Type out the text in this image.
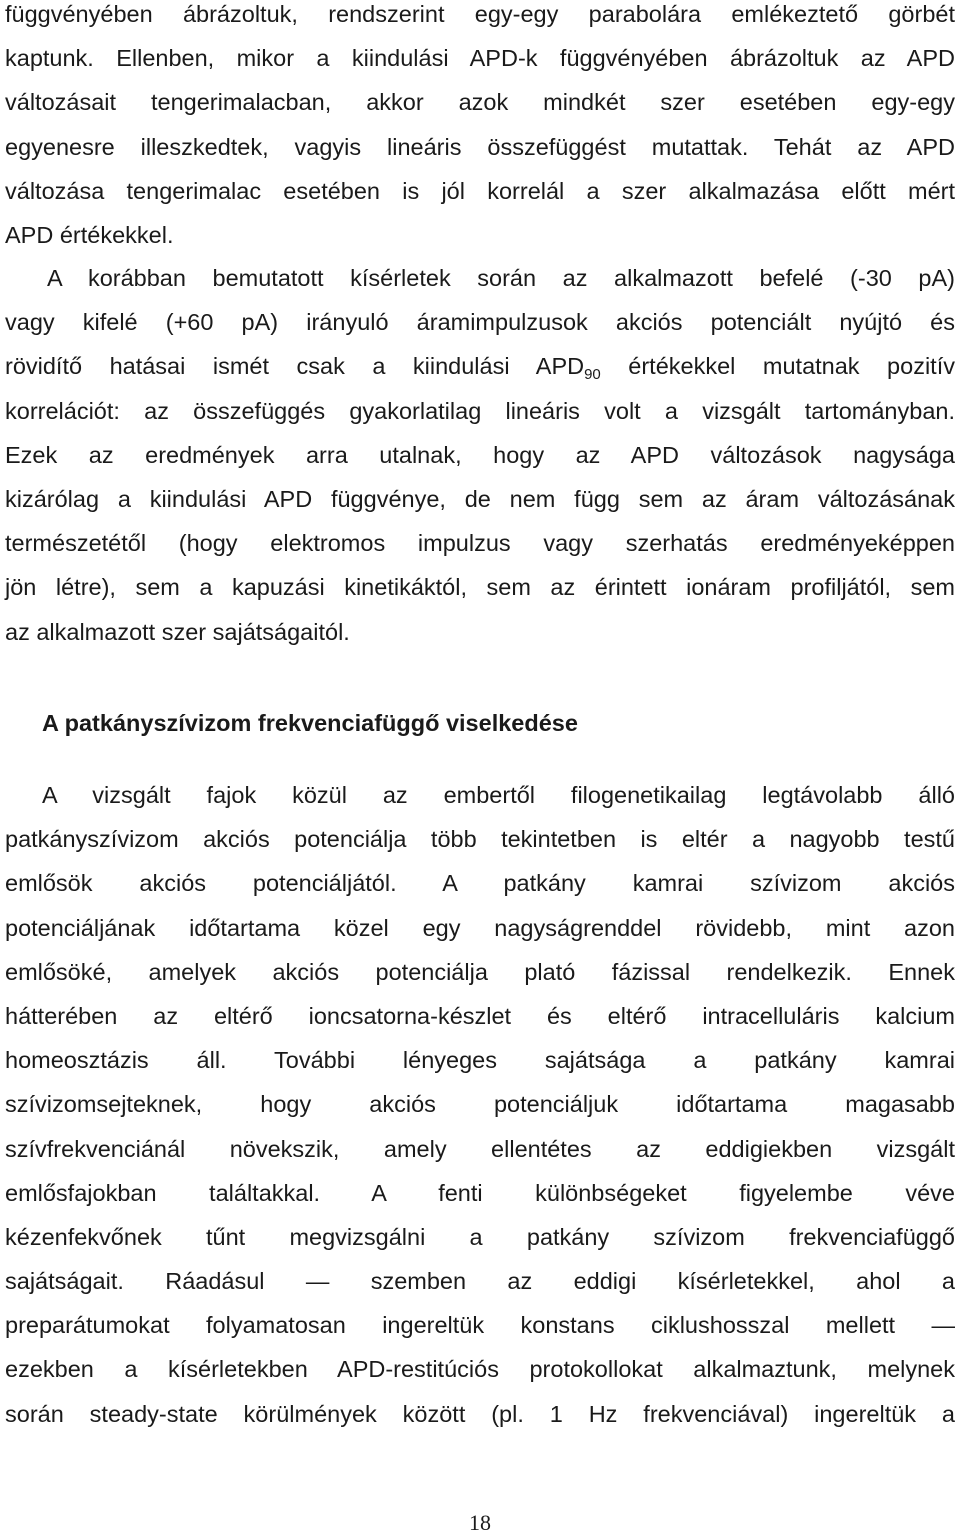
függvényében ábrázoltuk, rendszerint egy-egy parabolára emlékeztető görbét
kaptunk. Ellenben, mikor a kiindulási APD-k függvényében ábrázoltuk az APD
változásait tengerimalacban, akkor azok mindkét szer esetében egy-egy
egyenesre illeszkedtek, vagyis lineáris összefüggést mutattak. Tehát az APD
változása tengerimalac esetében is jól korrelál a szer alkalmazása előtt mért
APD értékekkel.
A korábban bemutatott kísérletek során az alkalmazott befelé (-30 pA)
vagy kifelé (+60 pA) irányuló áramimpulzusok akciós potenciált nyújtó és
rövidítő hatásai ismét csak a kiindulási $APD_{90}$ értékekkel mutatnak pozitív
korrelációt: az összefüggés gyakorlatilag lineáris volt a vizsgált tartományban.
Ezek az eredmények arra utalnak, hogy az APD változások nagysága
kizárólag a kiindulási APD függvénye, de nem függ sem az áram változásának
természetétől (hogy elektromos impulzus vagy szerhatás eredményeképpen
jön létre), sem a kapuzási kinetikáktól, sem az érintett ionáram profiljától, sem
az alkalmazott szer sajátságaitól.
A patkányszívizom frekvenciafüggő viselkedése
A vizsgált fajok közül az embertől filogenetikailag legtávolabb álló
patkányszívizom akciós potenciálja több tekintetben is eltér a nagyobb testű
emlősök akciós potenciáljától. A patkány kamrai szívizom akciós
potenciáljának időtartama közel egy nagyságrenddel rövidebb, mint azon
emlősöké, amelyek akciós potenciálja plató fázissal rendelkezik. Ennek
hátterében az eltérő ioncsatorna-készlet és eltérő intracelluláris kalcium
homeosztázis áll. További lényeges sajátsága a patkány kamrai
szívizomsejteknek, hogy akciós potenciáljuk időtartama magasabb
szívfrekvenciánál növekszik, amely ellentétes az eddigiekben vizsgált
emlősfajokban találtakkal. A fenti különbségeket figyelembe véve
kézenfekvőnek tűnt megvizsgálni a patkány szívizom frekvenciafüggő
sajátságait. Ráadásul — szemben az eddigi kísérletekkel, ahol a
preparátumokat folyamatosan ingereltük konstans ciklushosszal mellett —
ezekben a kísérletekben APD-restitúciós protokollokat alkalmaztunk, melynek
során steady-state körülmények között (pl. 1 Hz frekvenciával) ingereltük a
18
